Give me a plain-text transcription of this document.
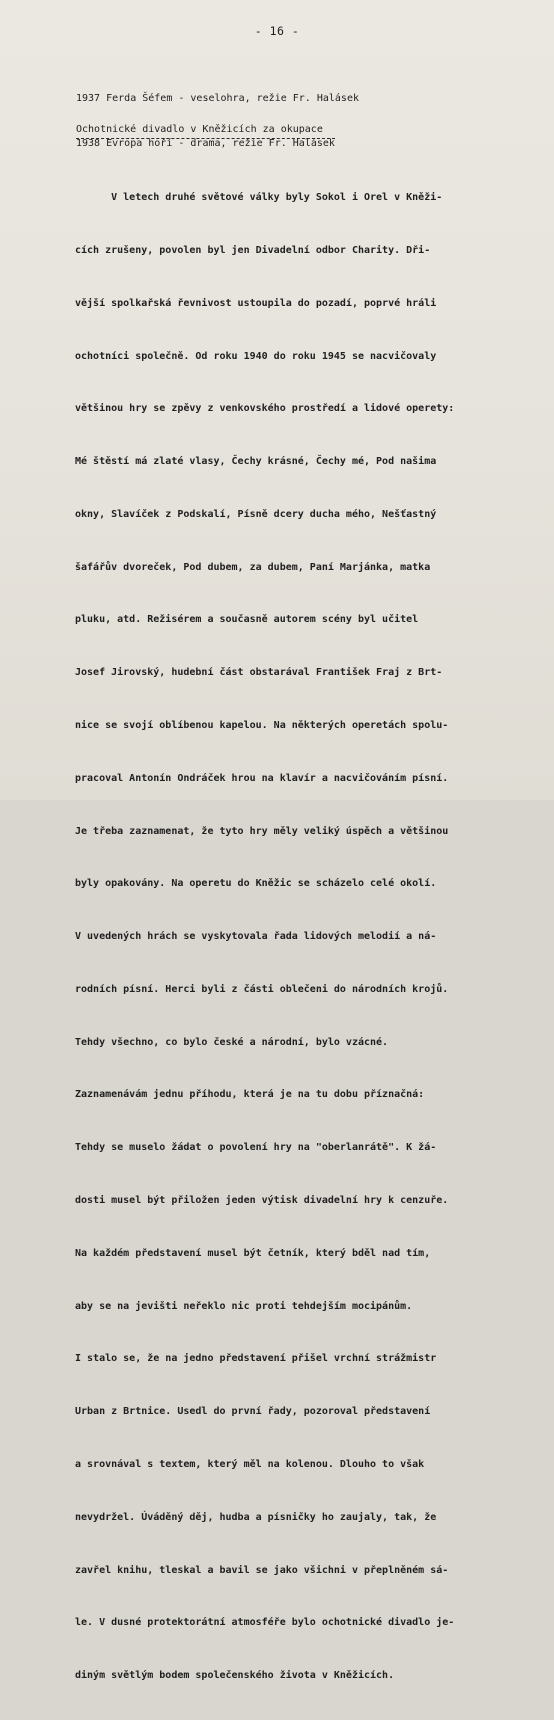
- 16 -

1937 Ferda Šéfem - veselohra, režie Fr. Halásek

1938 Evropa hoří - drama, režie Fr. Halásek

Ochotnické divadlo v Kněžicích za okupace

V letech druhé světové války byly Sokol i Orel v Kněži-

cích zrušeny, povolen byl jen Divadelní odbor Charity. Dři-

vější spolkařská řevnivost ustoupila do pozadí, poprvé hráli

ochotníci společně. Od roku 1940 do roku 1945 se nacvičovaly

většinou hry se zpěvy z venkovského prostředí a lidové operety:

Mé štěstí má zlaté vlasy, Čechy krásné, Čechy mé, Pod našima

okny, Slavíček z Podskalí, Písně dcery ducha mého, Nešťastný

šafářův dvoreček, Pod dubem, za dubem, Paní Marjánka, matka

pluku, atd. Režisérem a současně autorem scény byl učitel

Josef Jirovský, hudební část obstarával František Fraj z Brt-

nice se svojí oblíbenou kapelou. Na některých operetách spolu-

pracoval Antonín Ondráček hrou na klavír a nacvičováním písní.

Je třeba zaznamenat, že tyto hry měly veliký úspěch a většinou

byly opakovány. Na operetu do Kněžic se scházelo celé okolí.

V uvedených hrách se vyskytovala řada lidových melodií a ná-

rodních písní. Herci byli z části oblečeni do národních krojů.

Tehdy všechno, co bylo české a národní, bylo vzácné.

Zaznamenávám jednu příhodu, která je na tu dobu příznačná:

Tehdy se muselo žádat o povolení hry na "oberlanrátě". K žá-

dosti musel být přiložen jeden výtisk divadelní hry k cenzuře.

Na každém představení musel být četník, který bděl nad tím,

aby se na jevišti neřeklo nic proti tehdejším mocipánům.

I stalo se, že na jedno představení přišel vrchní strážmistr

Urban z Brtnice. Usedl do první řady, pozoroval představení

a srovnával s textem, který měl na kolenou. Dlouho to však

nevydržel. Úváděný děj, hudba a písničky ho zaujaly, tak, že

zavřel knihu, tleskal a bavil se jako všichni v přeplněném sá-

le. V dusné protektorátní atmosféře bylo ochotnické divadlo je-

diným světlým bodem společenského života v Kněžicích.
